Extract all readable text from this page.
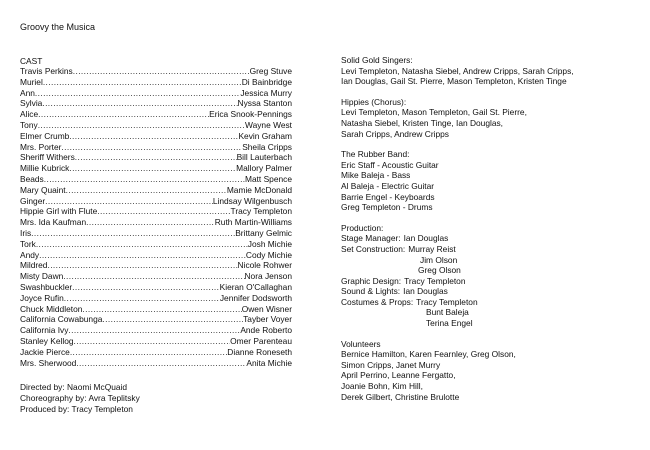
Groovy the Musica
CAST
Travis Perkins .....	Greg Stuve
Muriel .....	Di Bainbridge
Ann .....	Jessica Murry
Sylvia .....	Nyssa Stanton
Alice .....	Erica Snook-Pennings
Tony .....	Wayne West
Elmer Crumb .....	Kevin Graham
Mrs. Porter .....	Sheila Cripps
Sheriff Withers .....	Bill Lauterbach
Millie Kubrick .....	Mallory Palmer
Beads .....	Matt Spence
Mary Quaint .....	Mamie McDonald
Ginger .....	Lindsay Wilgenbusch
Hippie Girl with Flute .....	Tracy Templeton
Mrs. Ida Kaufman .....	Ruth Martin-Williams
Iris .....	Brittany Gelmic
Tork .....	Josh Michie
Andy .....	Cody Michie
Mildred .....	Nicole Rohwer
Misty Dawn .....	Nora Jenson
Swashbuckler .....	Kieran O'Callaghan
Joyce Rufin .....	Jennifer Dodsworth
Chuck Middleton .....	Owen Wisner
California Cowabunga .....	Tayber Voyer
California Ivy .....	Ande Roberto
Stanley Kellog .....	Omer Parenteau
Jackie Pierce .....	Dianne Roneseth
Mrs. Sherwood .....	Anita Michie
Directed by: Naomi McQuaid
Choreography by: Avra Teplitsky
Produced by: Tracy Templeton
Solid Gold Singers:
Levi Templeton, Natasha Siebel, Andrew Cripps, Sarah Cripps,
Ian Douglas, Gail St. Pierre, Mason Templeton, Kristen Tinge
Hippies (Chorus):
Levi Templeton, Mason Templeton, Gail St. Pierre,
Natasha Siebel, Kristen Tinge, Ian Douglas,
Sarah Cripps, Andrew Cripps
The Rubber Band:
Eric Staff - Acoustic Guitar
Mike Baleja - Bass
Al Baleja - Electric Guitar
Barrie Engel - Keyboards
Greg Templeton - Drums
Production:
Stage Manager: Ian Douglas
Set Construction: Murray Reist
Jim Olson
Greg Olson
Graphic Design: Tracy Templeton
Sound & Lights: Ian Douglas
Costumes & Props: Tracy Templeton
Bunt Baleja
Terina Engel
Volunteers
Bernice Hamilton, Karen Fearnley, Greg Olson,
Simon Cripps, Janet Murry
April Perrino, Leanne Fergatto,
Joanie Bohn, Kim Hill,
Derek Gilbert, Christine Brulotte
